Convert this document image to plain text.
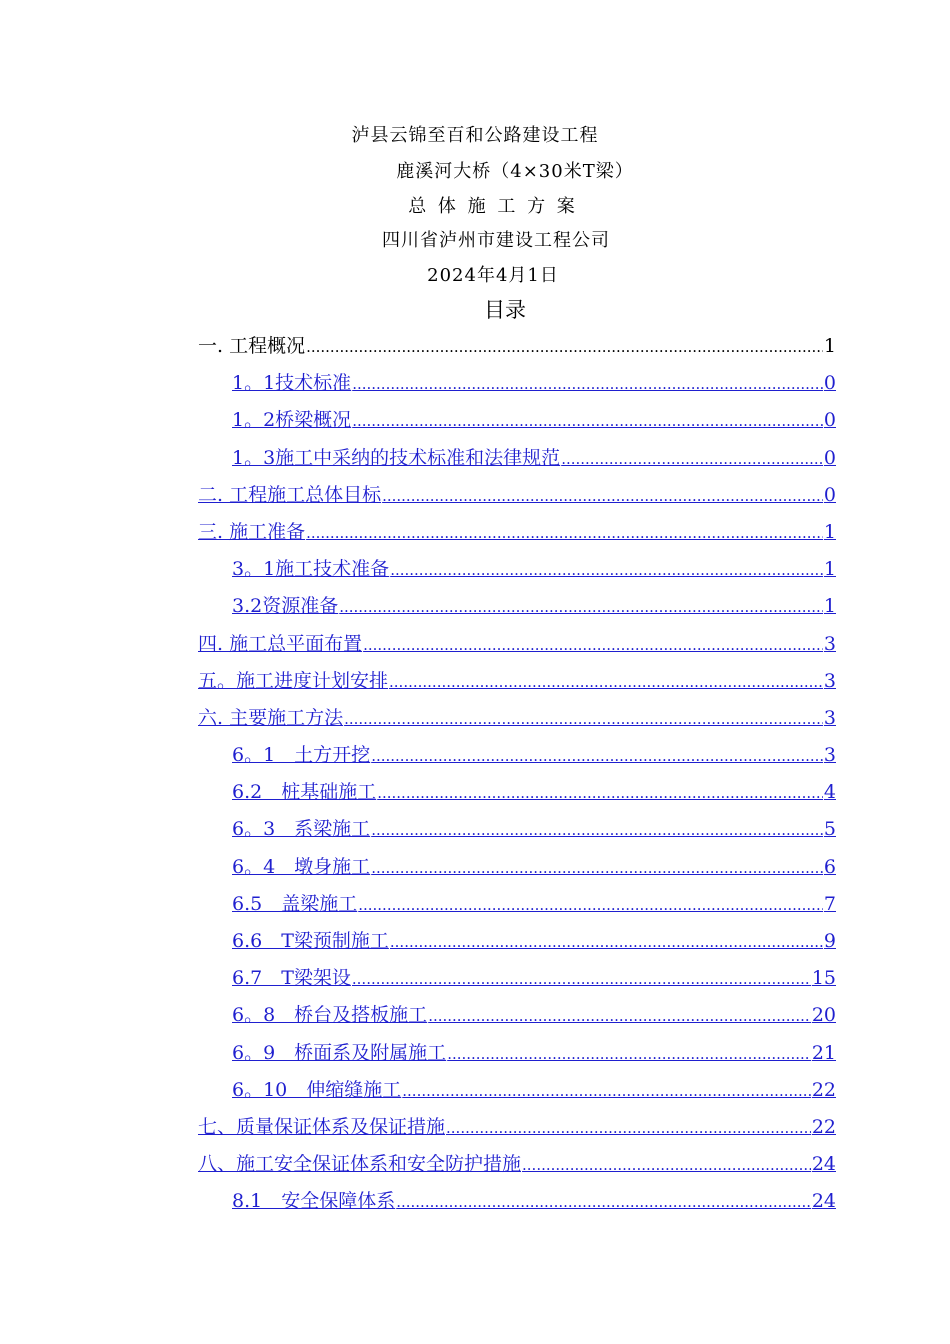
泸县云锦至百和公路建设工程
鹿溪河大桥（4×30米T梁）
总 体 施 工 方 案
四川省泸州市建设工程公司
2024年4月1日
目录
一. 工程概况 .....	1
1。1技术标准 .....	0
1。2桥梁概况 .....	0
1。3施工中采纳的技术标准和法律规范 .....	0
二. 工程施工总体目标 .....	0
三. 施工准备 .....	1
3。1施工技术准备 .....	1
3.2资源准备 .....	1
四. 施工总平面布置 .....	3
五。施工进度计划安排 .....	3
六. 主要施工方法 .....	3
6。1　土方开挖 .....	3
6.2　桩基础施工 .....	4
6。3　系梁施工 .....	5
6。4　墩身施工 .....	6
6.5　盖梁施工 .....	7
6.6　T梁预制施工 .....	9
6.7　T梁架设 .....	15
6。8　桥台及搭板施工 .....	20
6。9　桥面系及附属施工 .....	21
6。10　伸缩缝施工 .....	22
七、质量保证体系及保证措施 .....	22
八、施工安全保证体系和安全防护措施 .....	24
8.1　安全保障体系 .....	24
